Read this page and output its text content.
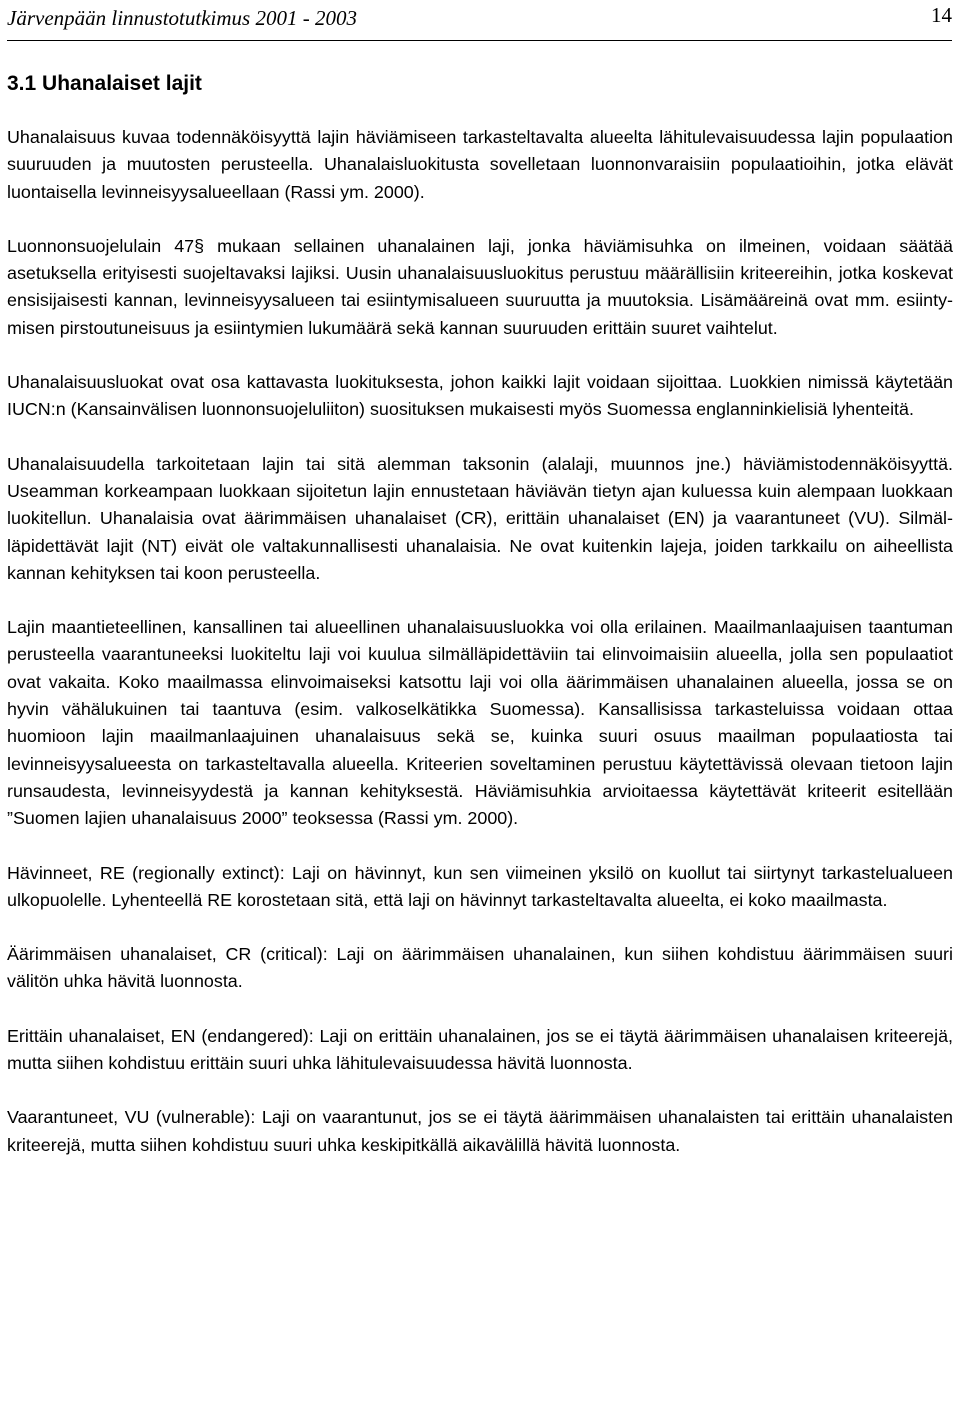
Järvenpään linnustotutkimus 2001 - 2003	14
3.1 Uhanalaiset lajit

Uhanalaisuus kuvaa todennäköisyyttä lajin häviämiseen tarkasteltavalta alueelta lähitulevaisuudessa lajin populaation suuruuden ja muutosten perusteella. Uhanalaisluokitusta sovelletaan luonnonvaraisiin populaatioihin, jotka elävät luontaisella levinneisyysalueellaan (Rassi ym. 2000).

Luonnonsuojelulain 47§ mukaan sellainen uhanalainen laji, jonka häviämisuhka on ilmeinen, voidaan säätää asetuksella erityisesti suojeltavaksi lajiksi. Uusin uhanalaisuusluokitus perustuu määrällisiin kriteereihin, jotka koskevat ensisijaisesti kannan, levinneisyysalueen tai esiintymisalueen suuruutta ja muutoksia. Lisämääreinä ovat mm. esiintymisen pirstoutuneisuus ja esiintymien lukumäärä sekä kannan suuruuden erittäin suuret vaihtelut.

Uhanalaisuusluokat ovat osa kattavasta luokituksesta, johon kaikki lajit voidaan sijoittaa. Luokkien nimissä käytetään IUCN:n (Kansainvälisen luonnonsuojeluliiton) suosituksen mukaisesti myös Suomessa englanninkielisiä lyhenteitä.

Uhanalaisuudella tarkoitetaan lajin tai sitä alemman taksonin (alalaji, muunnos jne.) häviämistodennäköisyyttä. Useamman korkeampaan luokkaan sijoitetun lajin ennustetaan häviävän tietyn ajan kuluessa kuin alempaan luokkaan luokitellun. Uhanalaisia ovat äärimmäisen uhanalaiset (CR), erittäin uhanalaiset (EN) ja vaarantuneet (VU). Silmälläpidettävät lajit (NT) eivät ole valtakunnallisesti uhanalaisia. Ne ovat kuitenkin lajeja, joiden tarkkailu on aiheellista kannan kehityksen tai koon perusteella.

Lajin maantieteellinen, kansallinen tai alueellinen uhanalaisuusluokka voi olla erilainen. Maailmanlaajuisen taantuman perusteella vaarantuneeksi luokiteltu laji voi kuulua silmälläpidettäviin tai elinvoimaisiin alueella, jolla sen populaatiot ovat vakaita. Koko maailmassa elinvoimaiseksi katsottu laji voi olla äärimmäisen uhanalainen alueella, jossa se on hyvin vähälukuinen tai taantuva (esim. valkoselkätikka Suomessa). Kansallisissa tarkasteluissa voidaan ottaa huomioon lajin maailmanlaajuinen uhanalaisuus sekä se, kuinka suuri osuus maailman populaatiosta tai levinneisyysalueesta on tarkasteltavalla alueella. Kriteerien soveltaminen perustuu käytettävissä olevaan tietoon lajin runsaudesta, levinneisyydestä ja kannan kehityksestä. Häviämisuhkia arvioitaessa käytettävät kriteerit esitellään ”Suomen lajien uhanalaisuus 2000” teoksessa (Rassi ym. 2000).

Hävinneet, RE (regionally extinct): Laji on hävinnyt, kun sen viimeinen yksilö on kuollut tai siirtynyt tarkastelualueen ulkopuolelle. Lyhenteellä RE korostetaan sitä, että laji on hävinnyt tarkasteltavalta alueelta, ei koko maailmasta.

Äärimmäisen uhanalaiset, CR (critical): Laji on äärimmäisen uhanalainen, kun siihen kohdistuu äärimmäisen suuri välitön uhka hävitä luonnosta.

Erittäin uhanalaiset, EN (endangered): Laji on erittäin uhanalainen, jos se ei täytä äärimmäisen uhanalaisen kriteerejä, mutta siihen kohdistuu erittäin suuri uhka lähitulevaisuudessa hävitä luonnosta.

Vaarantuneet, VU (vulnerable): Laji on vaarantunut, jos se ei täytä äärimmäisen uhanalaisten tai erittäin uhanalaisten kriteerejä, mutta siihen kohdistuu suuri uhka keskipitkällä aikavälillä hävitä luonnosta.
